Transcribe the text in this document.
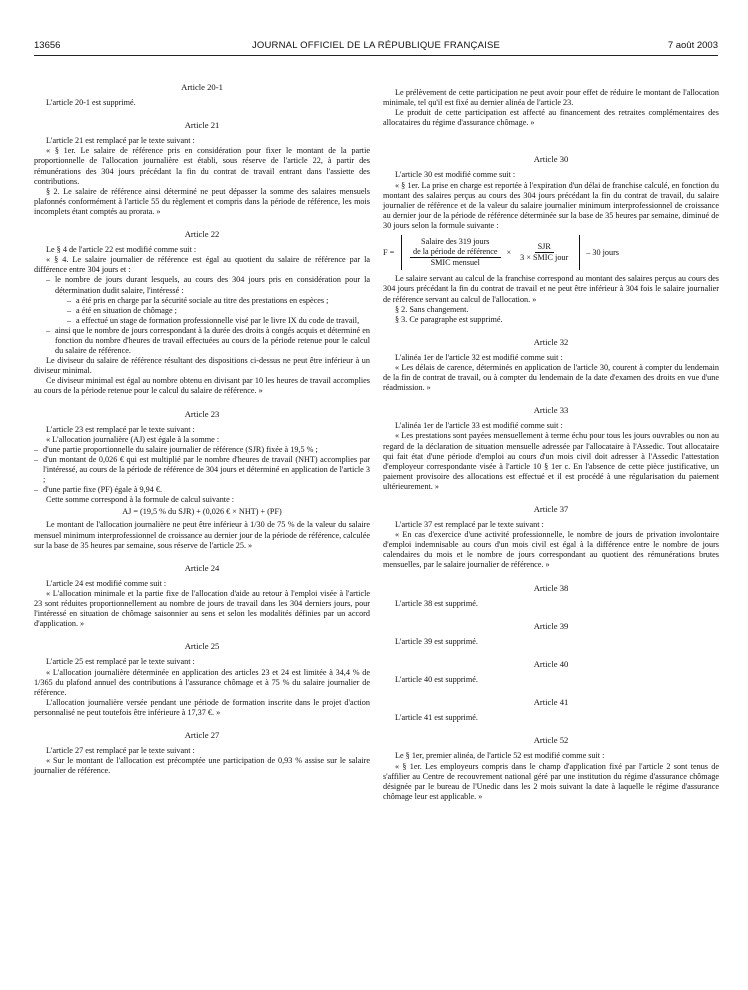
13656	JOURNAL OFFICIEL DE LA RÉPUBLIQUE FRANÇAISE	7 août 2003
Article 20-1

L'article 20-1 est supprimé.

Article 21

L'article 21 est remplacé par le texte suivant :

« § 1er. Le salaire de référence pris en considération pour fixer le montant de la partie proportionnelle de l'allocation journalière est établi, sous réserve de l'article 22, à partir des rémunérations des 304 jours précédant la fin du contrat de travail entrant dans l'assiette des contributions.

§ 2. Le salaire de référence ainsi déterminé ne peut dépasser la somme des salaires mensuels plafonnés conformément à l'article 55 du règlement et compris dans la période de référence, les mois incomplets étant comptés au prorata. »

Article 22

Le § 4 de l'article 22 est modifié comme suit :

« § 4. Le salaire journalier de référence est égal au quotient du salaire de référence par la différence entre 304 jours et :

– le nombre de jours durant lesquels, au cours des 304 jours pris en considération pour la détermination dudit salaire, l'intéressé :
– a été pris en charge par la sécurité sociale au titre des prestations en espèces ;
– a été en situation de chômage ;
– a effectué un stage de formation professionnelle visé par le livre IX du code de travail,
– ainsi que le nombre de jours correspondant à la durée des droits à congés acquis et déterminé en fonction du nombre d'heures de travail effectuées au cours de la période retenue pour le calcul du salaire de référence.

Le diviseur du salaire de référence résultant des dispositions ci-dessus ne peut être inférieur à un diviseur minimal.

Ce diviseur minimal est égal au nombre obtenu en divisant par 10 les heures de travail accomplies au cours de la période retenue pour le calcul du salaire de référence. »

Article 23

L'article 23 est remplacé par le texte suivant :

« L'allocation journalière (AJ) est égale à la somme :

– d'une partie proportionnelle du salaire journalier de référence (SJR) fixée à 19,5 % ;
– d'un montant de 0,026 € qui est multiplié par le nombre d'heures de travail (NHT) accomplies par l'intéressé, au cours de la période de référence de 304 jours et déterminé en application de l'article 3 ;
– d'une partie fixe (PF) égale à 9,94 €.

Cette somme correspond à la formule de calcul suivante :

AJ = (19,5 % du SJR) + (0,026 € × NHT) + (PF)

Le montant de l'allocation journalière ne peut être inférieur à 1/30 de 75 % de la valeur du salaire mensuel minimum interprofessionnel de croissance au dernier jour de la période de référence, calculée sur la base de 35 heures par semaine, sous réserve de l'article 25. »

Article 24

L'article 24 est modifié comme suit :

« L'allocation minimale et la partie fixe de l'allocation d'aide au retour à l'emploi visée à l'article 23 sont réduites proportionnellement au nombre de jours de travail dans les 304 derniers jours, pour l'intéressé en situation de chômage saisonnier au sens et selon les modalités définies par un accord d'application. »

Article 25

L'article 25 est remplacé par le texte suivant :

« L'allocation journalière déterminée en application des articles 23 et 24 est limitée à 34,4 % de 1/365 du plafond annuel des contributions à l'assurance chômage et à 75 % du salaire journalier de référence.

L'allocation journalière versée pendant une période de formation inscrite dans le projet d'action personnalisé ne peut toutefois être inférieure à 17,37 €. »

Article 27

L'article 27 est remplacé par le texte suivant :

« Sur le montant de l'allocation est précomptée une participation de 0,93 % assise sur le salaire journalier de référence.

Le prélèvement de cette participation ne peut avoir pour effet de réduire le montant de l'allocation minimale, tel qu'il est fixé au dernier alinéa de l'article 23.

Le produit de cette participation est affecté au financement des retraites complémentaires des allocataires du régime d'assurance chômage. »

Article 30

L'article 30 est modifié comme suit :

« § 1er. La prise en charge est reportée à l'expiration d'un délai de franchise calculé, en fonction du montant des salaires perçus au cours des 304 jours précédant la fin du contrat de travail, du salaire journalier de référence et de la valeur du salaire journalier minimum interprofessionnel de croissance au dernier jour de la période de référence déterminée sur la base de 35 heures par semaine, diminué de 30 jours selon la formule suivante :

F =
Salaire des 319 jours
de la période de référence
SMIC mensuel
× $\frac{\text{SJR}}{\text{3 × SMIC jour}} - 30$ jours

Le salaire servant au calcul de la franchise correspond au montant des salaires perçus au cours des 304 jours précédant la fin du contrat de travail et ne peut être inférieur à 304 fois le salaire journalier de référence servant au calcul de l'allocation. »

§ 2. Sans changement.

§ 3. Ce paragraphe est supprimé.

Article 32

L'alinéa 1er de l'article 32 est modifié comme suit :

« Les délais de carence, déterminés en application de l'article 30, courent à compter du lendemain de la fin de contrat de travail, ou à compter du lendemain de la date d'examen des droits en vue d'une réadmission. »

Article 33

L'alinéa 1er de l'article 33 est modifié comme suit :

« Les prestations sont payées mensuellement à terme échu pour tous les jours ouvrables ou non au regard de la déclaration de situation mensuelle adressée par l'allocataire à l'Assedic. Tout allocataire qui fait état d'une période d'emploi au cours d'un mois civil doit adresser à l'Assedic l'attestation d'employeur correspondante visée à l'article 10 § 1er c. En l'absence de cette pièce justificative, un paiement provisoire des allocations est effectué et il est procédé à une régularisation du paiement ultérieurement. »

Article 37

L'article 37 est remplacé par le texte suivant :

« En cas d'exercice d'une activité professionnelle, le nombre de jours de privation involontaire d'emploi indemnisable au cours d'un mois civil est égal à la différence entre le nombre de jours calendaires du mois et le nombre de jours correspondant au quotient des rémunérations brutes mensuelles, par le salaire journalier de référence. »

Article 38

L'article 38 est supprimé.

Article 39

L'article 39 est supprimé.

Article 40

L'article 40 est supprimé.

Article 41

L'article 41 est supprimé.

Article 52

Le § 1er, premier alinéa, de l'article 52 est modifié comme suit :

« § 1er. Les employeurs compris dans le champ d'application fixé par l'article 2 sont tenus de s'affilier au Centre de recouvrement national géré par une institution du régime d'assurance chômage désignée par le bureau de l'Unedic dans les 2 mois suivant la date à laquelle le régime d'assurance chômage leur est applicable. »
